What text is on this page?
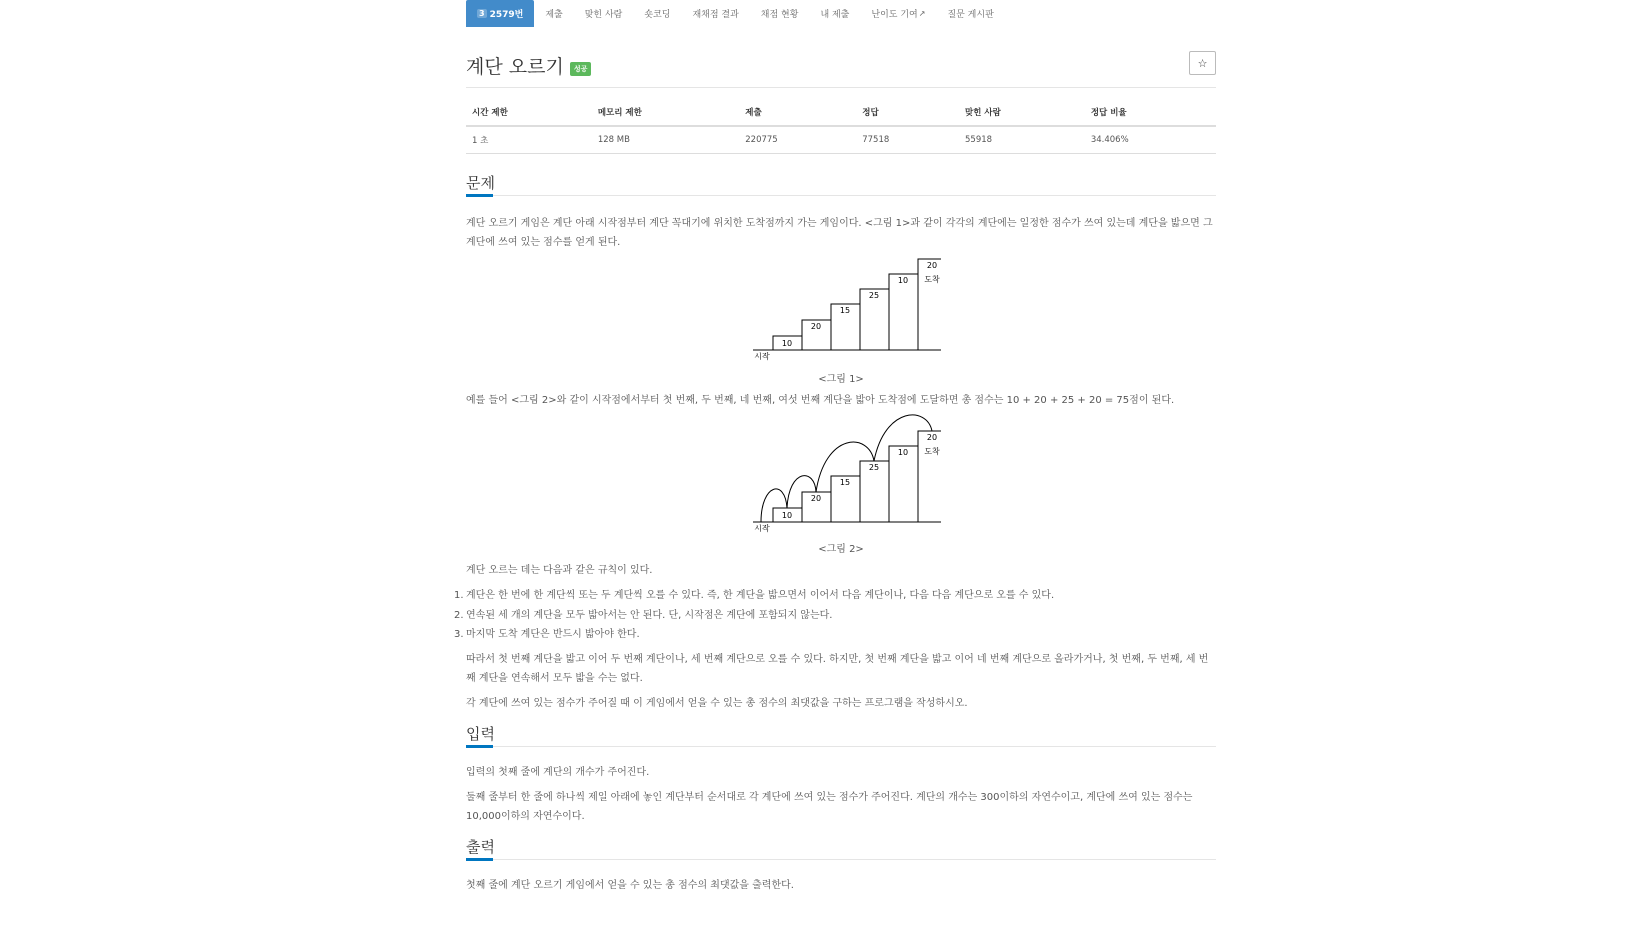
3 2579번 제출 맞힌 사람 숏코딩 재채점 결과 채점 현황 내 제출 난이도 기여 ↗ 질문 게시판
계단 오르기	성공	☆
시간 제한	메모리 제한	제출	정답	맞힌 사람	정답 비율
1 초	128 MB	220775	77518	55918	34.406%
문제

계단 오르기 게임은 계단 아래 시작점부터 계단 꼭대기에 위치한 도착점까지 가는 게임이다. <그림 1>과 같이 각각의 계단에는 일정한 점수가 쓰여 있는데 계단을 밟으면 그 계단에 쓰여 있는 점수를 얻게 된다.

10
20
15
25
10
20
도착
시작
<그림 1>

예를 들어 <그림 2>와 같이 시작점에서부터 첫 번째, 두 번째, 네 번째, 여섯 번째 계단을 밟아 도착점에 도달하면 총 점수는 10 + 20 + 25 + 20 = 75점이 된다.

10
20
15
25
10
20
도착
시작
<그림 2>

계단 오르는 데는 다음과 같은 규칙이 있다.

1. 계단은 한 번에 한 계단씩 또는 두 계단씩 오를 수 있다. 즉, 한 계단을 밟으면서 이어서 다음 계단이나, 다음 다음 계단으로 오를 수 있다.
2. 연속된 세 개의 계단을 모두 밟아서는 안 된다. 단, 시작점은 계단에 포함되지 않는다.
3. 마지막 도착 계단은 반드시 밟아야 한다.

따라서 첫 번째 계단을 밟고 이어 두 번째 계단이나, 세 번째 계단으로 오를 수 있다. 하지만, 첫 번째 계단을 밟고 이어 네 번째 계단으로 올라가거나, 첫 번째, 두 번째, 세 번째 계단을 연속해서 모두 밟을 수는 없다.

각 계단에 쓰여 있는 점수가 주어질 때 이 게임에서 얻을 수 있는 총 점수의 최댓값을 구하는 프로그램을 작성하시오.

입력

입력의 첫째 줄에 계단의 개수가 주어진다.

둘째 줄부터 한 줄에 하나씩 제일 아래에 놓인 계단부터 순서대로 각 계단에 쓰여 있는 점수가 주어진다. 계단의 개수는 300이하의 자연수이고, 계단에 쓰여 있는 점수는 10,000이하의 자연수이다.

출력

첫째 줄에 계단 오르기 게임에서 얻을 수 있는 총 점수의 최댓값을 출력한다.
